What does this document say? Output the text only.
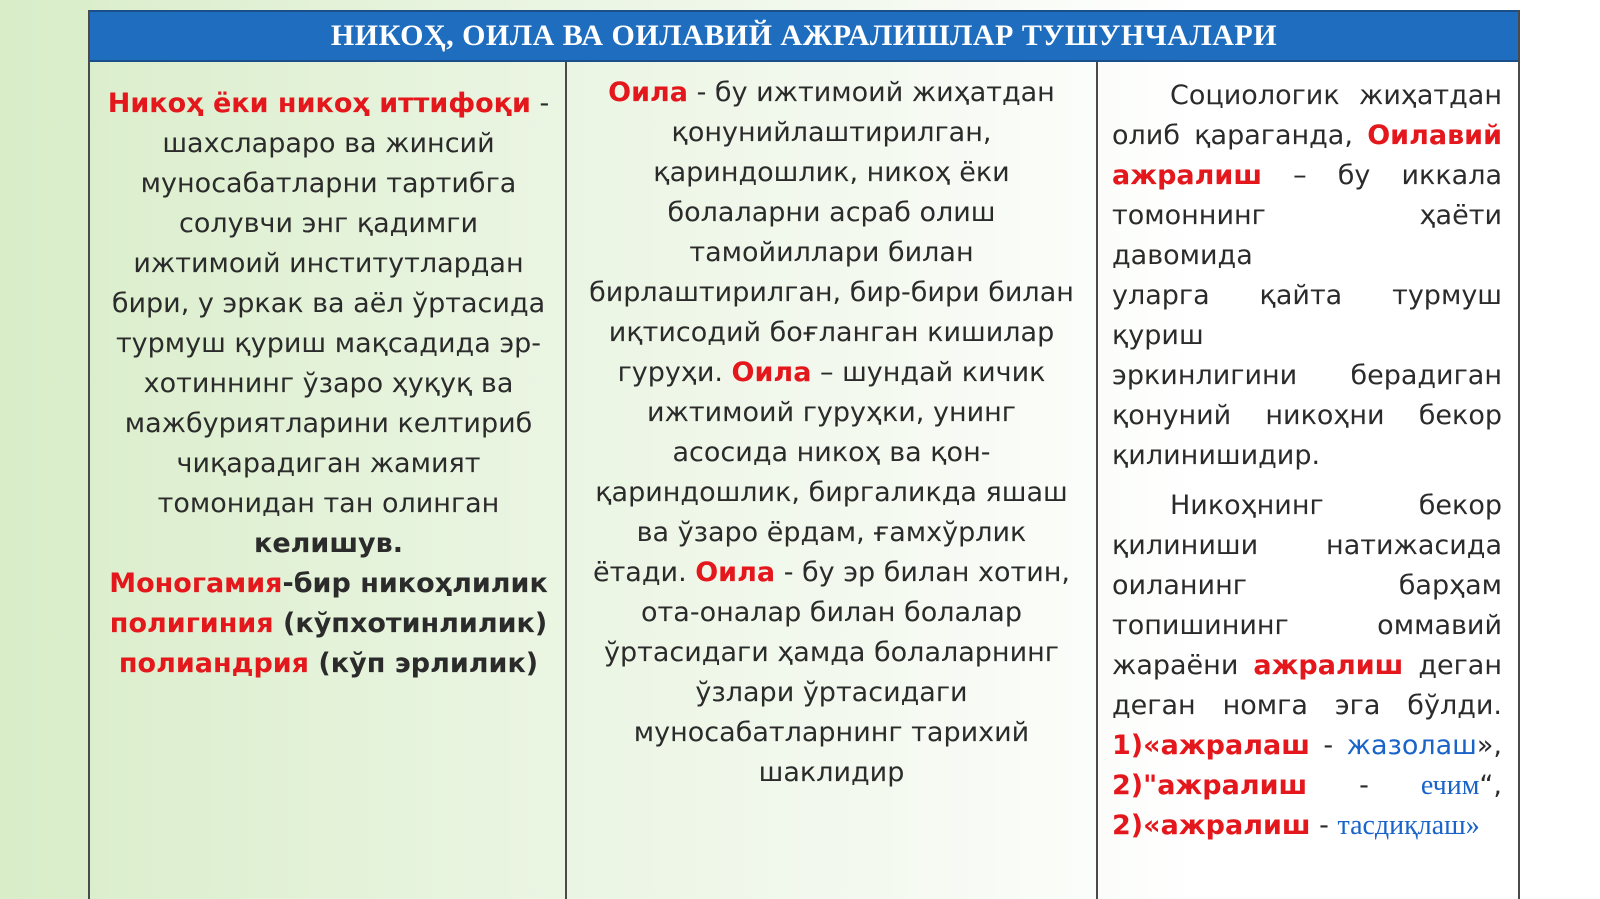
НИКОҲ, ОИЛА ВА ОИЛАВИЙ АЖРАЛИШЛАР ТУШУНЧАЛАРИ

Никоҳ ёки никоҳ иттифоқи - шахслараро ва жинсий муносабатларни тартибга солувчи энг қадимги ижтимоий институтлардан бири, у эркак ва аёл ўртасида турмуш қуриш мақсадида эр-хотиннинг ўзаро ҳуқуқ ва мажбуриятларини келтириб чиқарадиган жамият томонидан тан олинган келишув.

Моногамия-бир никоҳлилик

полигиния (кўпхотинлилик)

полиандрия (кўп эрлилик)

Оила - бу ижтимоий жиҳатдан қонунийлаштирилган, қариндошлик, никоҳ ёки болаларни асраб олиш тамойиллари билан бирлаштирилган, бир-бири билан иқтисодий боғланган кишилар гуруҳи. Оила – шундай кичик ижтимоий гуруҳки, унинг асосида никоҳ ва қон-қариндошлик, биргаликда яшаш ва ўзаро ёрдам, ғамхўрлик ётади. Оила - бу эр билан хотин, ота-оналар билан болалар ўртасидаги ҳамда болаларнинг ўзлари ўртасидаги муносабатларнинг тарихий шаклидир

Социологик жиҳатдан
олиб қараганда, Оилавий
ажралиш – бу иккала
томоннинг ҳаёти давомида
уларга қайта турмуш қуриш
эркинлигини берадиган
қонуний никоҳни бекор
қилинишидир.
Никоҳнинг бекор
қилиниши натижасида
оиланинг барҳам
топишининг оммавий
жараёни ажралиш деган
деган номга эга бўлди.
1)«ажралаш - жазолаш»,
2)"ажралиш - ечим“,
2)«ажралиш - тасдиқлаш»
